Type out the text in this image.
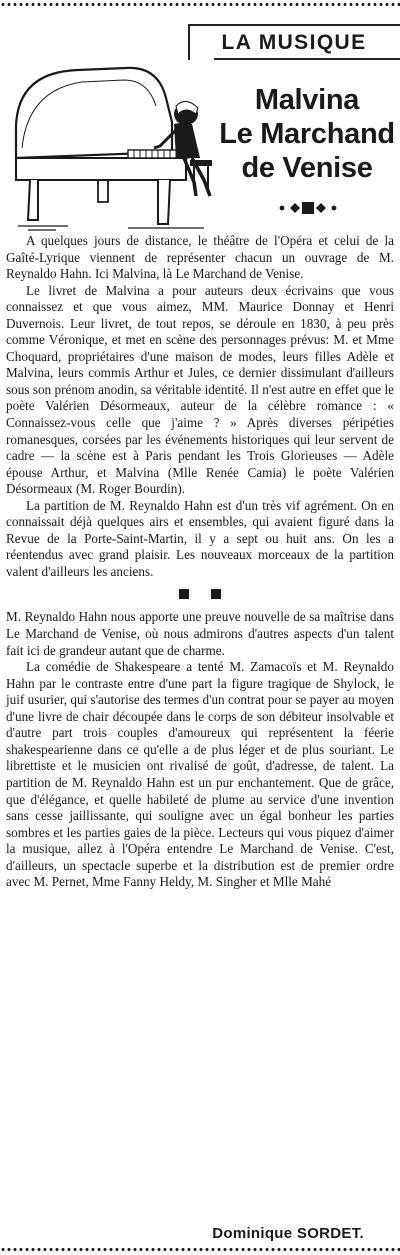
LA MUSIQUE
Malvina
Le Marchand
de Venise

A quelques jours de distance, le théâtre de l'Opéra et celui de la Gaîté-Lyrique viennent de représenter chacun un ouvrage de M. Reynaldo Hahn. Ici Malvina, là Le Marchand de Venise.

Le livret de Malvina a pour auteurs deux écrivains que vous connaissez et que vous aimez, MM. Maurice Donnay et Henri Duvernois. Leur livret, de tout repos, se déroule en 1830, à peu près comme Véronique, et met en scène des personnages prévus: M. et Mme Choquard, propriétaires d'une maison de modes, leurs filles Adèle et Malvina, leurs commis Arthur et Jules, ce dernier dissimulant d'ailleurs sous son prénom anodin, sa véritable identité. Il n'est autre en effet que le poète Valérien Désormeaux, auteur de la célèbre romance : « Connaissez-vous celle que j'aime ? » Après diverses péripéties romanesques, corsées par les événements historiques qui leur servent de cadre — la scène est à Paris pendant les Trois Glorieuses — Adèle épouse Arthur, et Malvina (Mlle Renée Camia) le poète Valérien Désormeaux (M. Roger Bourdin).

La partition de M. Reynaldo Hahn est d'un très vif agrément. On en connaissait déjà quelques airs et ensembles, qui avaient figuré dans la Revue de la Porte-Saint-Martin, il y a sept ou huit ans. On les a réentendus avec grand plaisir. Les nouveaux morceaux de la partition valent d'ailleurs les anciens.

M. Reynaldo Hahn nous apporte une preuve nouvelle de sa maîtrise dans Le Marchand de Venise, où nous admirons d'autres aspects d'un talent fait ici de grandeur autant que de charme.

La comédie de Shakespeare a tenté M. Zamacoïs et M. Reynaldo Hahn par le contraste entre d'une part la figure tragique de Shylock, le juif usurier, qui s'autorise des termes d'un contrat pour se payer au moyen d'une livre de chair découpée dans le corps de son débiteur insolvable et d'autre part trois couples d'amoureux qui représentent la féerie shakespearienne dans ce qu'elle a de plus léger et de plus souriant. Le librettiste et le musicien ont rivalisé de goût, d'adresse, de talent. La partition de M. Reynaldo Hahn est un pur enchantement. Que de grâce, que d'élégance, et quelle habileté de plume au service d'une invention sans cesse jaillissante, qui souligne avec un égal bonheur les parties sombres et les parties gaies de la pièce. Lecteurs qui vous piquez d'aimer la musique, allez à l'Opéra entendre Le Marchand de Venise. C'est, d'ailleurs, un spectacle superbe et la distribution est de premier ordre avec M. Pernet, Mme Fanny Heldy, M. Singher et Mlle Mahé

Dominique SORDET.
